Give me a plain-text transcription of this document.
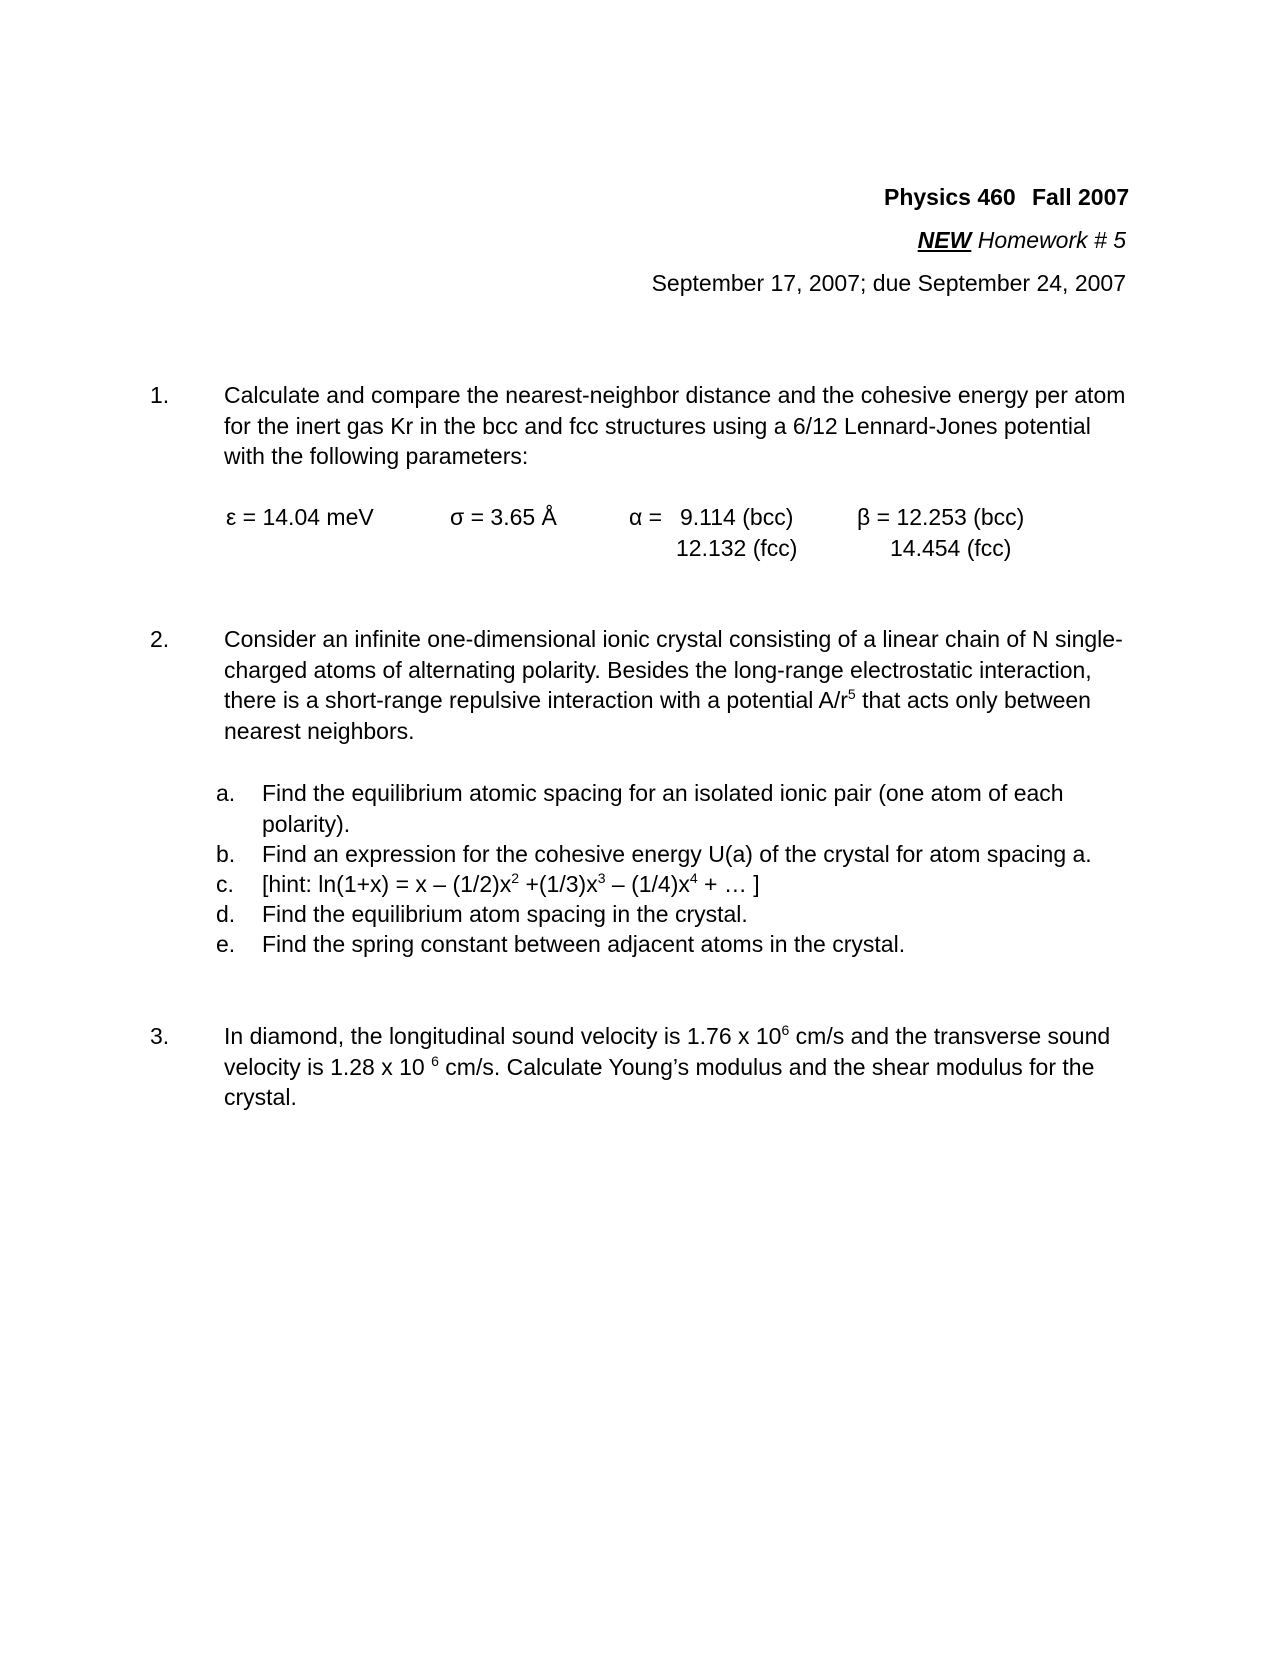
Physics 460 Fall 2007
NEW Homework # 5
September 17, 2007; due September 24, 2007
1. Calculate and compare the nearest-neighbor distance and the cohesive energy per atom for the inert gas Kr in the bcc and fcc structures using a 6/12 Lennard-Jones potential with the following parameters:
ε = 14.04 meV	σ = 3.65 Å	α = 9.114 (bcc)
12.132 (fcc)
β = 12.253 (bcc)
14.454 (fcc)
2. Consider an infinite one-dimensional ionic crystal consisting of a linear chain of N single-charged atoms of alternating polarity. Besides the long-range electrostatic interaction, there is a short-range repulsive interaction with a potential $A/r^5$ that acts only between nearest neighbors.
a. Find the equilibrium atomic spacing for an isolated ionic pair (one atom of each polarity).
b. Find an expression for the cohesive energy U(a) of the crystal for atom spacing a.
c. [hint: $\ln(1+x) = x - (1/2)x^2 +(1/3)x^3 - (1/4)x^4$ + … ]
d. Find the equilibrium atom spacing in the crystal.
e. Find the spring constant between adjacent atoms in the crystal.
3. In diamond, the longitudinal sound velocity is 1.76 x $10^6$ cm/s and the transverse sound velocity is 1.28 x 10 $^6$ cm/s. Calculate Young’s modulus and the shear modulus for the crystal.
